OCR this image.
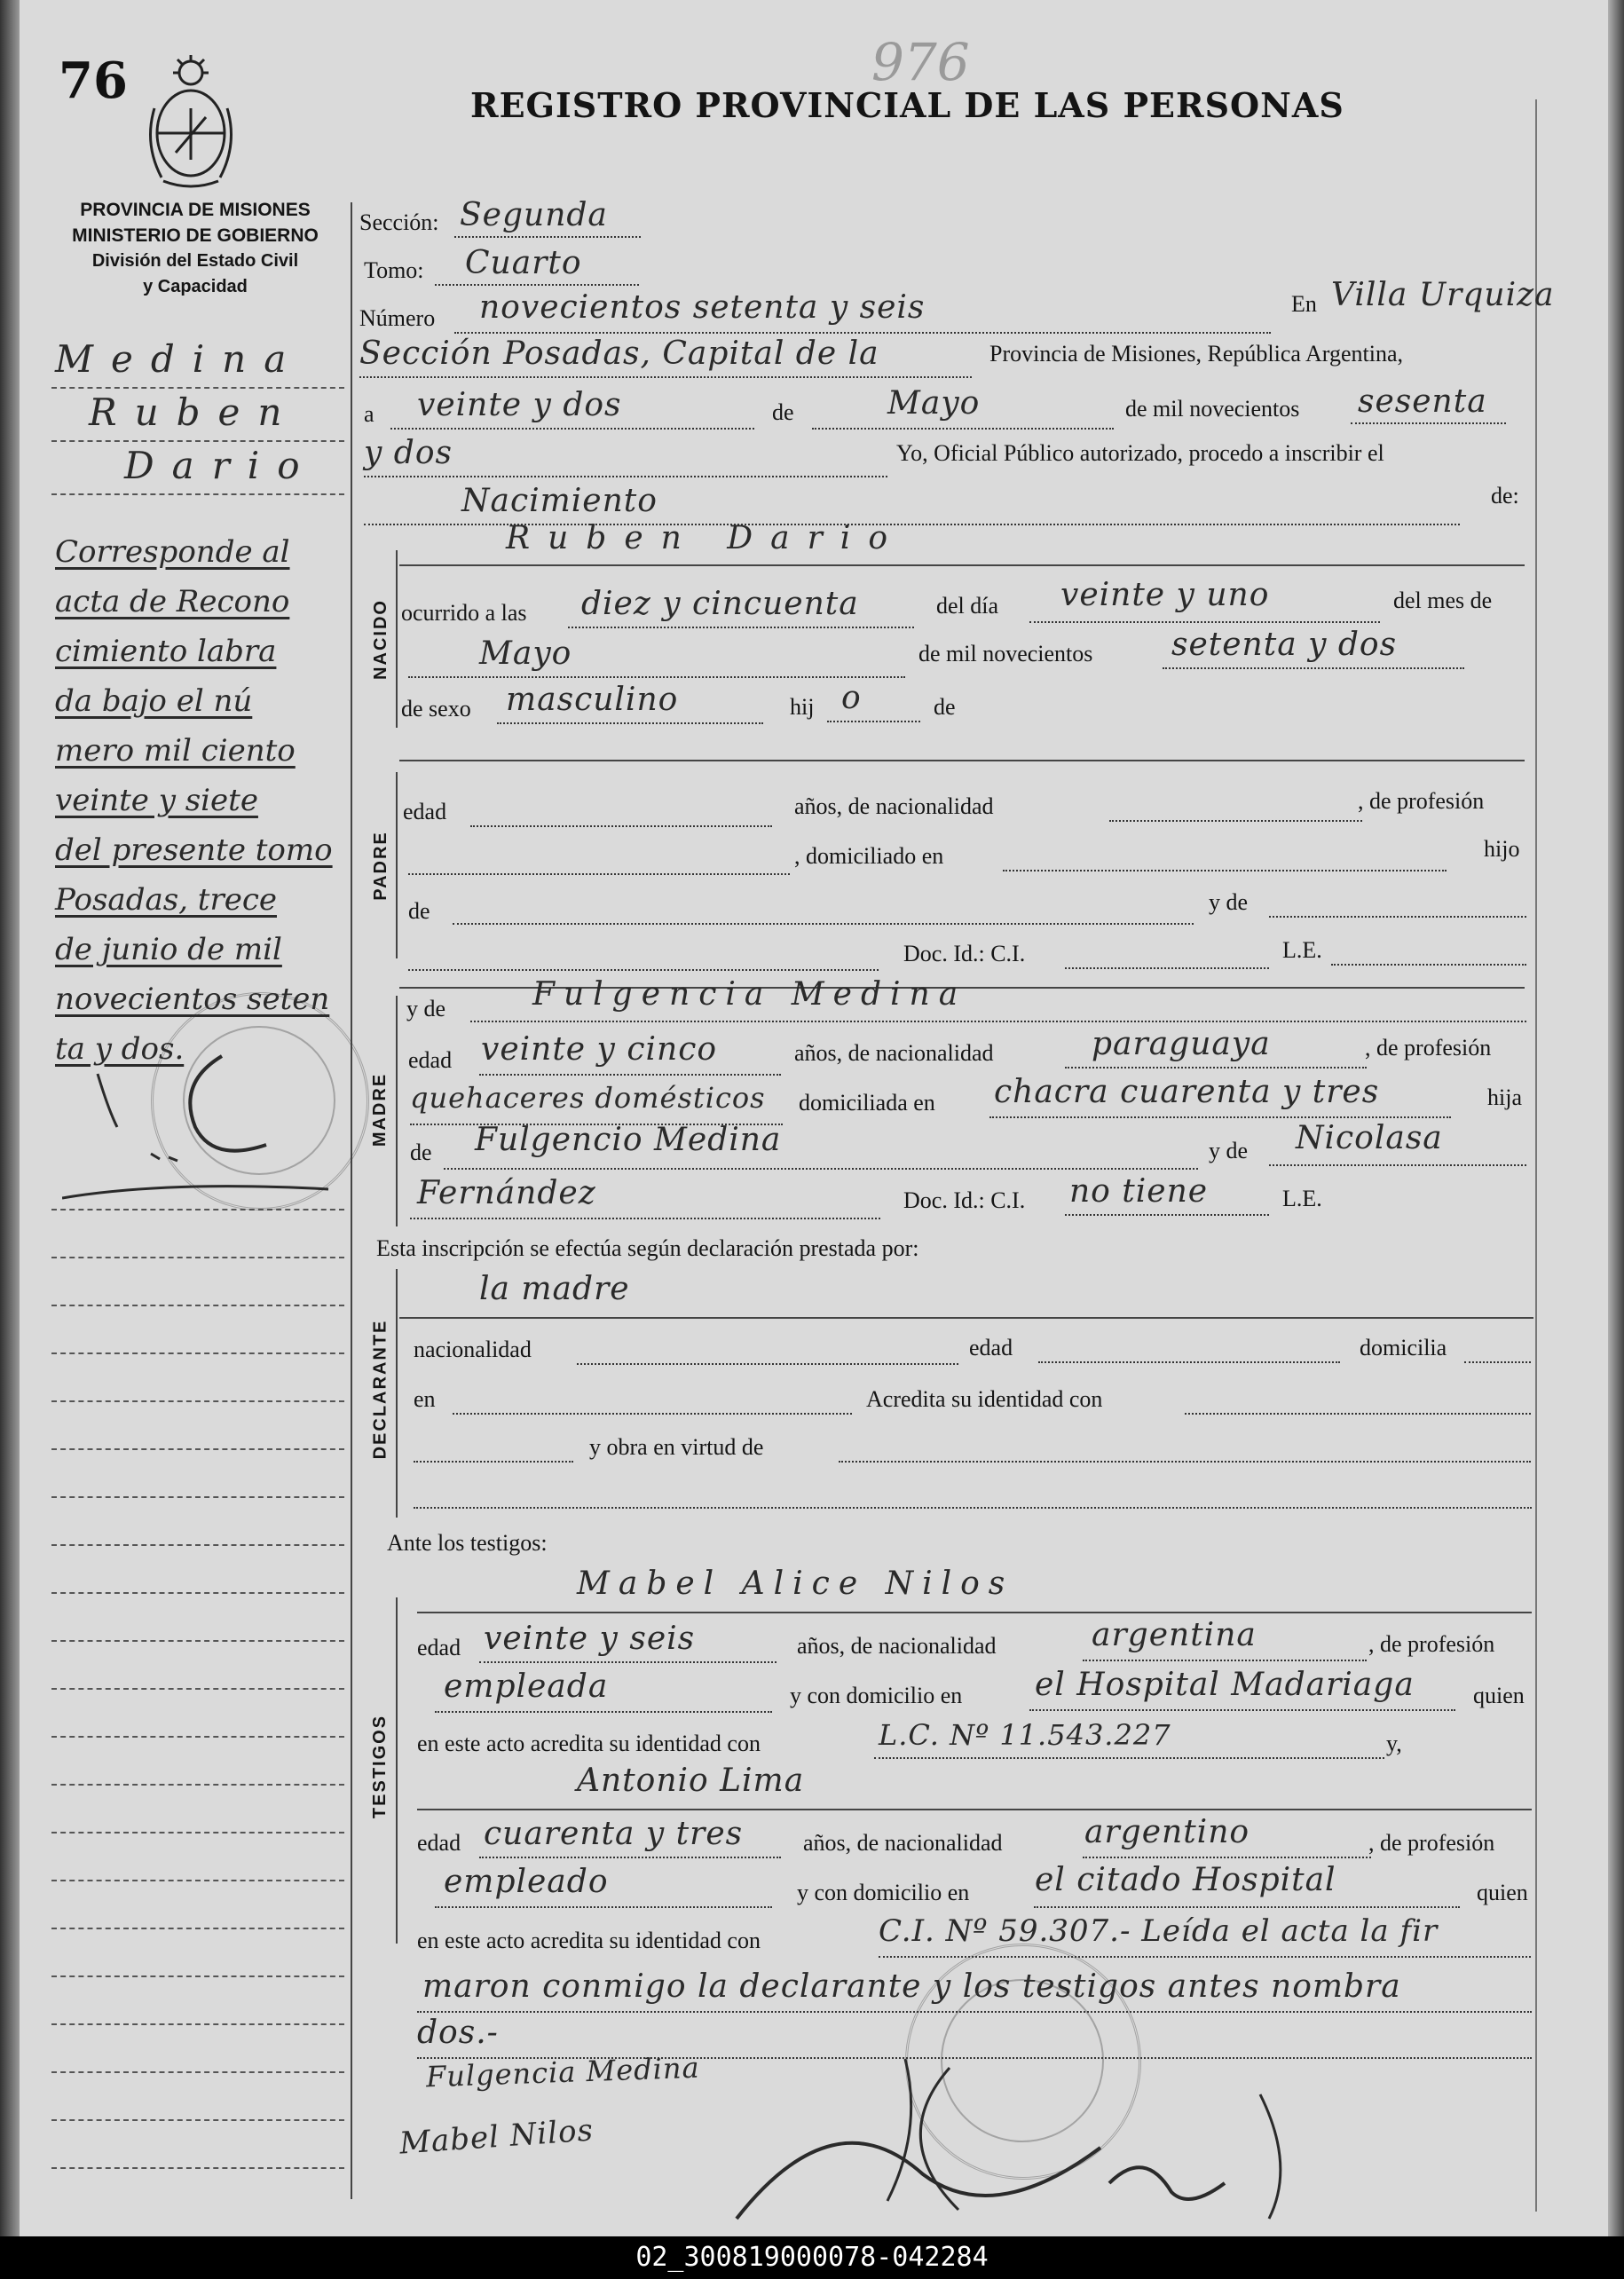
76	976
REGISTRO PROVINCIAL DE LAS PERSONAS
PROVINCIA DE MISIONES
MINISTERIO DE GOBIERNO
División del Estado Civil
y Capacidad
Medina
Ruben
Dario
Corresponde al
acta de Recono
cimiento labra
da bajo el nú
mero mil ciento
veinte y siete
del presente tomo
Posadas, trece
de junio de mil
novecientos seten
ta y dos.
Sección: Segunda
Tomo: Cuarto
Número novecientos setenta y seis	En Villa Urquiza
Sección Posadas, Capital de la	Provincia de Misiones, República Argentina,
a veinte y dos	de	Mayo	de mil novecientos sesenta
y dos	Yo, Oficial Público autorizado, procedo a inscribir el
Nacimiento	de:
NACIDO
Ruben Dario
ocurrido a las diez y cincuenta	del día veinte y uno	del mes de
Mayo	de mil novecientos setenta y dos
de sexo masculino	hij o	de
PADRE
edad	años, de nacionalidad	, de profesión
, domiciliado en	hijo
de	y de
Doc. Id.: C.I.	L.E.
MADRE
y de	Fulgencia Medina
edad veinte y cinco	años, de nacionalidad	paraguaya	, de profesión
quehaceres domésticos domiciliada en chacra cuarenta y tres	hija
de Fulgencio Medina	y de Nicolasa
Fernández	Doc. Id.: C.I. no tiene	L.E.
Esta inscripción se efectúa según declaración prestada por:
DECLARANTE
la madre
nacionalidad	edad	domicilia
en	Acredita su identidad con
y obra en virtud de
Ante los testigos:
TESTIGOS
Mabel Alice Nilos
edad veinte y seis	años, de nacionalidad	argentina	, de profesión
empleada	y con domicilio en el Hospital Madariaga	quien
en este acto acredita su identidad con	L.C. Nº 11.543.227	y,
Antonio Lima
edad cuarenta y tres	años, de nacionalidad	argentino	, de profesión
empleado	y con domicilio en el citado Hospital	quien
en este acto acredita su identidad con	C.I. Nº 59.307.- Leída el acta la fir
maron conmigo la declarante y los testigos antes nombra
dos.-
Fulgencia Medina
Mabel Nilos
02_300819000078-042284
